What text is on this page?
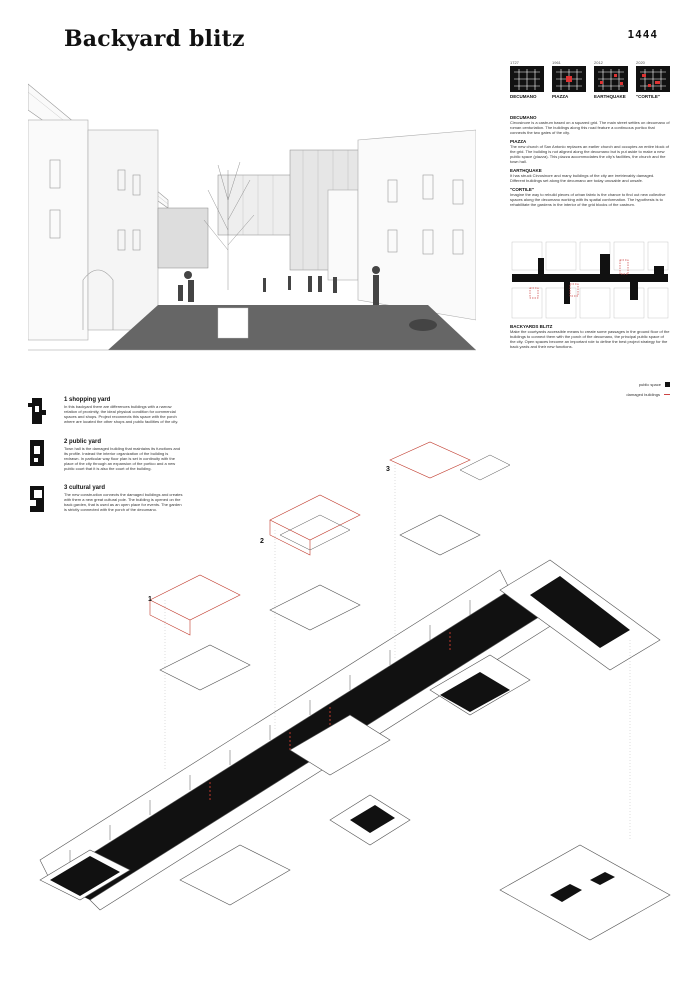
Backyard blitz	1444
1727
DECUMANO
1961
PIAZZA
2012
EARTHQUAKE
2020
"CORTILE"
DECUMANO

Cirvosinore is a castrum based on a squared grid. The main street settles on decumano of roman centuriation. The buildings along this road feature a continuous portico that connects the two gates of the city.

PIAZZA

The new church of San Antonio replaces an earlier church and occupies an entire block of the grid. The building is not aligned along the decumano but is put aside to make a new public space (piazza). This piazza accommodates the city's facilities, the church and the town hall.

EARTHQUAKE

It has struck Cirvosinore and many buildings of the city are irretrievably damaged. Different buildings set along the decumano are today unusable and unsafe.

"CORTILE"

Imagine the way to rebuild pieces of urban fabric is the chance to find out new collective spaces along the decumano working with its spatial conformation. The hypothesis is to rehabilitate the gardens in the interior of the grid blocks of the castrum.

BACKYARDS BLITZ

Make the courtyards accessible means to create some passages in the ground floor of the buildings to connect them with the porch of the decumano, the principal public space of the city. Open spaces become an important role to define the best project strategy for the back yards and their new functions.

public space
damaged buildings
1 shopping yard
In this backyard there are differences buildings with a narrow relation of proximity, the ideal physical condition for commercial spaces and shops. Project reconnects this space with the porch where are located the other shops and public facilities of the city.
2 public yard
Town hall is the damaged building that maintains its functions and its profile. Instead the interior organization of the building is redrawn. In particular way floor plan is set in continuity with the place of the city through an expansion of the portico and a new public court that it is also the court of the building.
3 cultural yard
The new construction connects the damaged buildings and creates with them a new great cultural pole. The building is opened on the back garden, that is used as an open place for events. The garden is strictly connected with the porch of the decumano.
1
2
3
